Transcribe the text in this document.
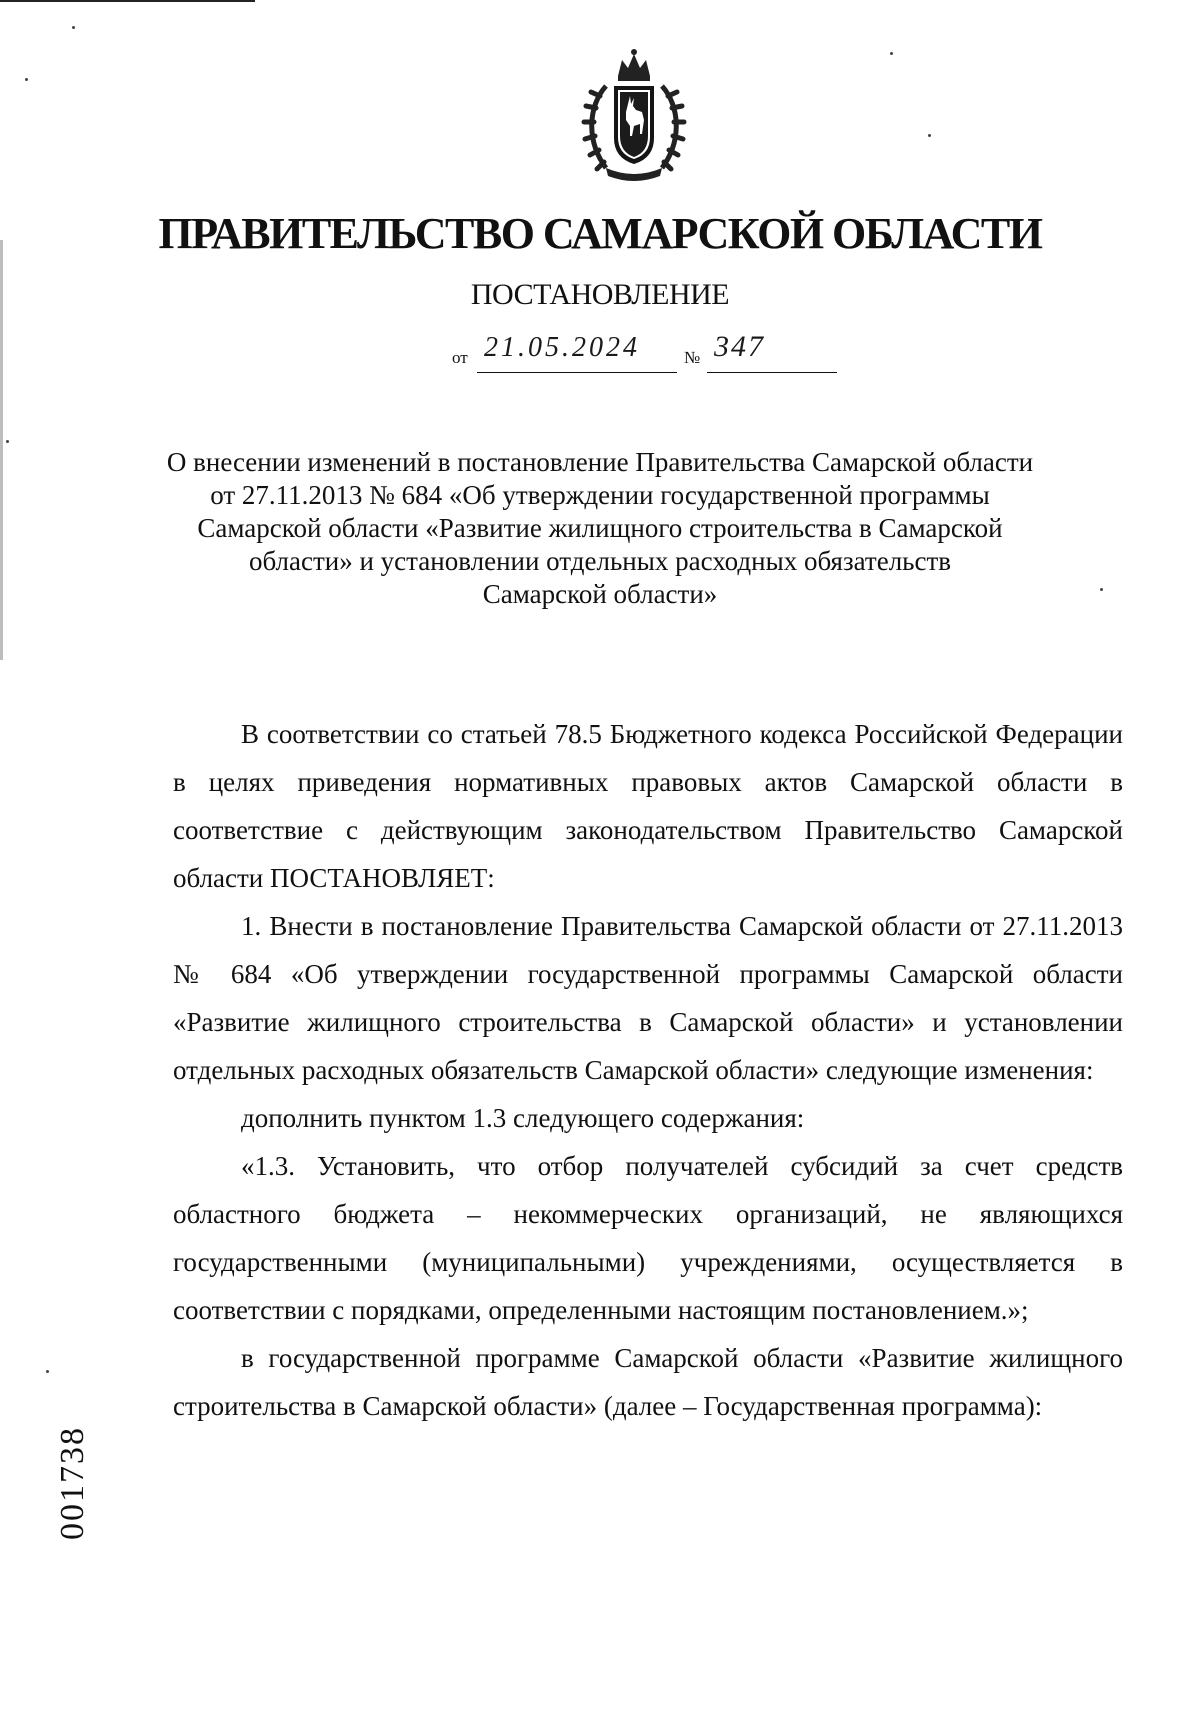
ПРАВИТЕЛЬСТВО САМАРСКОЙ ОБЛАСТИ
ПОСТАНОВЛЕНИЕ
от 21.05.2024	№ 347
О внесении изменений в постановление Правительства Самарской области
от 27.11.2013 № 684 «Об утверждении государственной программы
Самарской области «Развитие жилищного строительства в Самарской
области» и установлении отдельных расходных обязательств
Самарской области»

В соответствии со статьей 78.5 Бюджетного кодекса Российской Федерации в целях приведения нормативных правовых актов Самарской области в соответствие с действующим законодательством Правительство Самарской области ПОСТАНОВЛЯЕТ:

1. Внести в постановление Правительства Самарской области от 27.11.2013 № 684 «Об утверждении государственной программы Самарской области «Развитие жилищного строительства в Самарской области» и установлении отдельных расходных обязательств Самарской области» следующие изменения:

дополнить пунктом 1.3 следующего содержания:

«1.3. Установить, что отбор получателей субсидий за счет средств областного бюджета – некоммерческих организаций, не являющихся государственными (муниципальными) учреждениями, осуществляется в соответствии с порядками, определенными настоящим постановлением.»;

в государственной программе Самарской области «Развитие жилищного строительства в Самарской области» (далее – Государственная программа):

001738
